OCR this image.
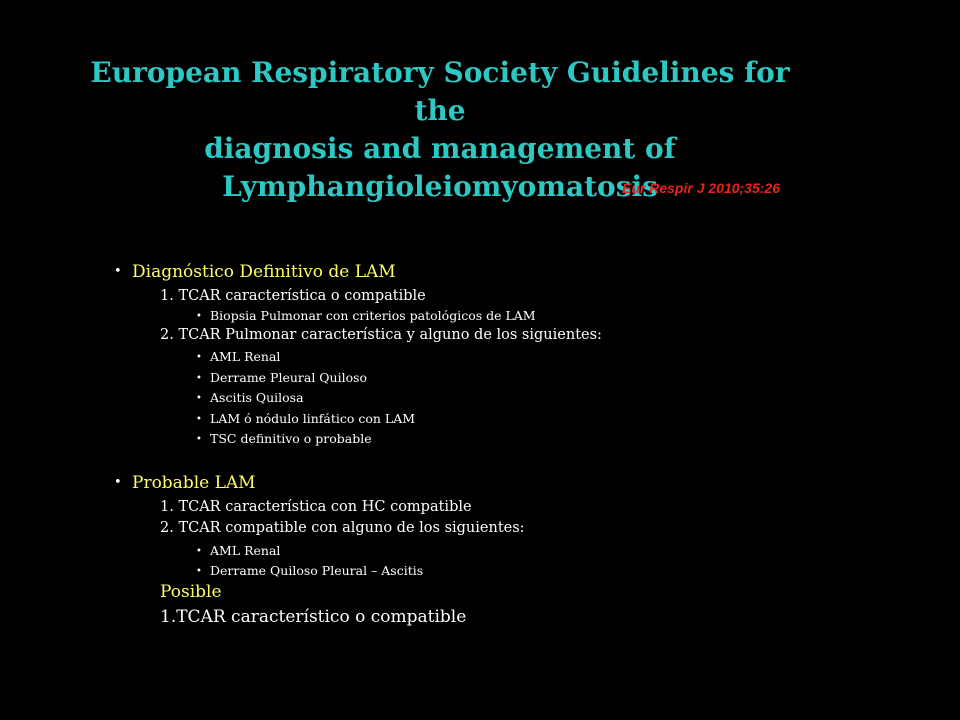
European Respiratory Society Guidelines for the
diagnosis and management of
Lymphangioleiomyomatosis
Eur Respir J 2010;35:26
• Diagnóstico Definitivo de LAM
1. TCAR característica o compatible
• Biopsia Pulmonar con criterios patológicos de LAM
2. TCAR Pulmonar característica y alguno de los siguientes:
• AML Renal
• Derrame Pleural Quiloso
• Ascitis Quilosa
• LAM ó nódulo linfático con LAM
• TSC definitivo o probable
• Probable LAM
1. TCAR característica con HC compatible
2. TCAR compatible con alguno de los siguientes:
• AML Renal
• Derrame Quiloso Pleural – Ascitis
Posible
1.TCAR característico o compatible
